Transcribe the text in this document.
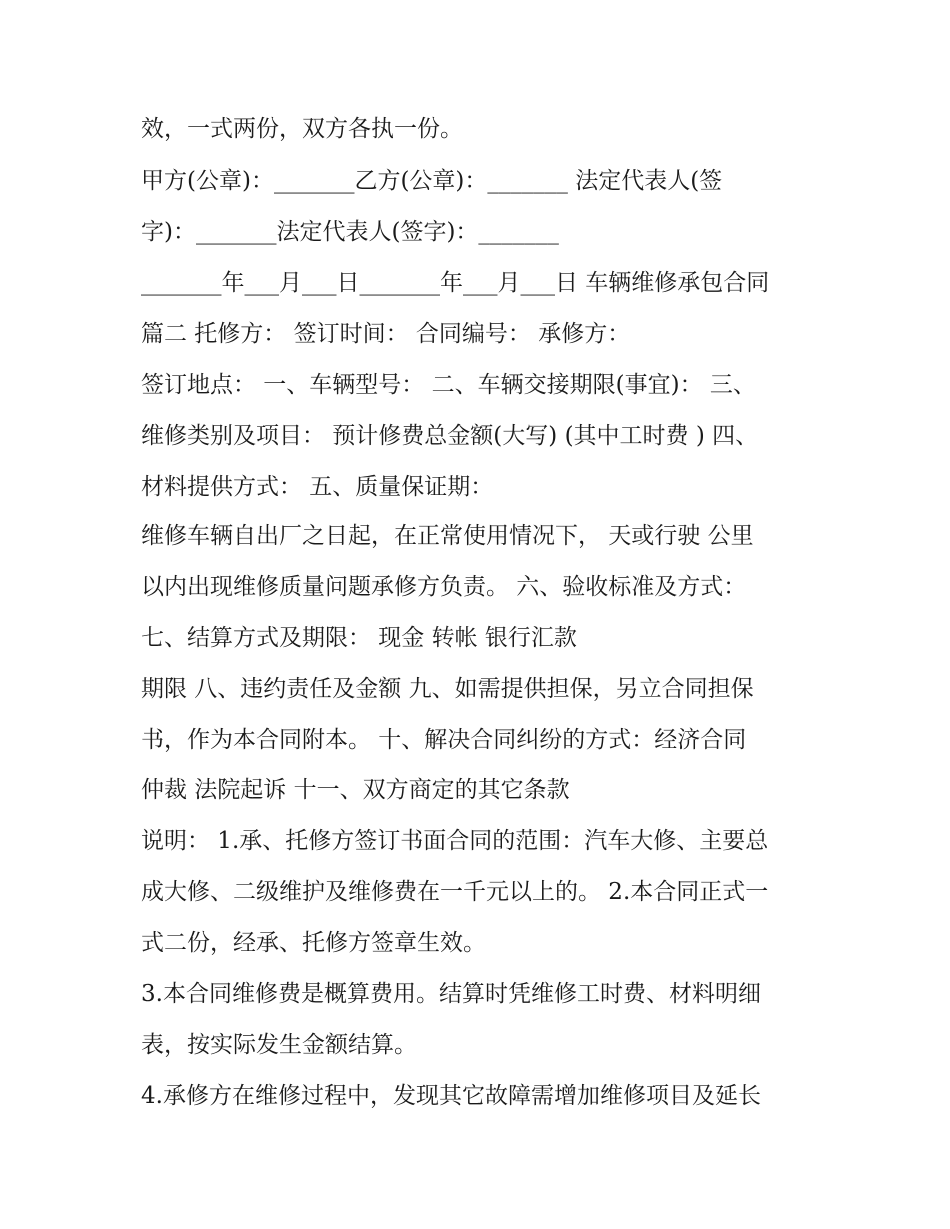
效，一式两份，双方各执一份。
甲方(公章)：_______乙方(公章)：_______ 法定代表人(签
字)：_______法定代表人(签字)：_______
_______年___月___日_______年___月___日 车辆维修承包合同
篇二 托修方： 签订时间： 合同编号： 承修方：
签订地点： 一、车辆型号： 二、车辆交接期限(事宜)： 三、
维修类别及项目： 预计修费总金额(大写) (其中工时费 ) 四、
材料提供方式： 五、质量保证期：
维修车辆自出厂之日起，在正常使用情况下， 天或行驶 公里
以内出现维修质量问题承修方负责。 六、验收标准及方式：
七、结算方式及期限： 现金 转帐 银行汇款
期限 八、违约责任及金额 九、如需提供担保，另立合同担保
书，作为本合同附本。 十、解决合同纠纷的方式：经济合同
仲裁 法院起诉 十一、双方商定的其它条款
说明： 1.承、托修方签订书面合同的范围：汽车大修、主要总
成大修、二级维护及维修费在一千元以上的。 2.本合同正式一
式二份，经承、托修方签章生效。
3.本合同维修费是概算费用。结算时凭维修工时费、材料明细
表，按实际发生金额结算。
4.承修方在维修过程中，发现其它故障需增加维修项目及延长
